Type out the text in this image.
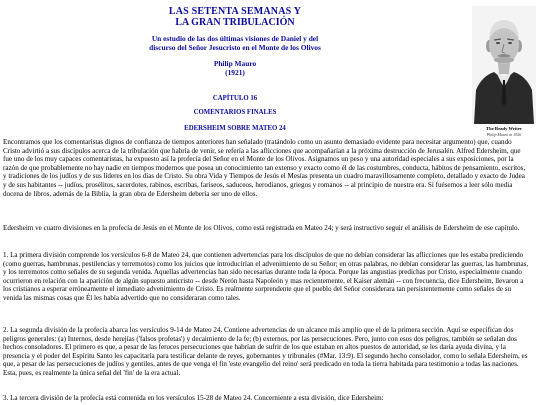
LAS SETENTA SEMANAS Y
LA GRAN TRIBULACIÓN
Un estudio de las dos últimas visiones de Daniel y del
discurso del Señor Jesucristo en el Monte de los Olivos
Philip Mauro
(1921)
CAPÍTULO 16
COMENTARIOS FINALES
EDERSHEIM SOBRE MATEO 24	The Ready Writer
Philip Mauro in 1926
Encontramos que los comentaristas dignos de confianza de tiempos anteriores han señalado (tratándolo como un asunto demasiado evidente para necesitar argumento) que, cuando Cristo advirtió a sus discípulos acerca de la tribulación que habría de venir, se refería a las aflicciones que acompañarían a la próxima destrucción de Jerusalén. Alfred Edersheim, que fue uno de los muy capaces comentaristas, ha expuesto así la profecía del Señor en el Monte de los Olivos. Asignamos un peso y una autoridad especiales a sus exposiciones, por la razón de que probablemente no hay nadie en tiempos modernos que posea un conocimiento tan extenso y exacto como él de las costumbres, conducta, hábitos de pensamiento, escritos, y tradiciones de los judíos y de sus líderes en los días de Cristo. Su obra Vida y Tiempos de Jesús el Mesías presenta un cuadro maravillosamente completo, detallado y exacto de Judea y de sus habitantes -- judíos, prosélitos, sacerdotes, rabinos, escribas, fariseos, saduceos, herodianos, griegos y romanos -- al principio de nuestra era. Si fuésemos a leer sólo media docena de libros, además de la Biblia, la gran obra de Edersheim debería ser uno de ellos.
Edersheim ve cuatro divisiones en la profecía de Jesús en el Monte de los Olivos, como está registrada en Mateo 24; y será instructivo seguir el análisis de Edersheim de ese capítulo.
1. La primera división comprende los versículos 6-8 de Mateo 24, que contienen advertencias para los discípulos de que no debían considerar las aflicciones que les estaba prediciendo (como guerras, hambrunas, pestilencias y terremotos) como los juicios que introducirían el advenimiento de su Señor; en otras palabras, no debían considerar las guerras, las hambrunas, y los terremotos como señales de su segunda venida. Aquellas advertencias han sido necesarias durante toda la época. Porque las angustias predichas por Cristo, especialmente cuando ocurrieron en relación con la aparición de algún supuesto anticristo -- desde Nerón hasta Napoleón y mas recientemente, el Kaiser alemán -- con frecuencia, dice Edersheim, llevaron a los cristianos a esperar erróneamente el inmediato advenimiento de Cristo. Es realmente sorprendente que el pueblo del Señor considerara tan persistentemente como señales de su venida las mismas cosas que Él les había advertido que no consideraran como tales.
2. La segunda división de la profecía abarca los versículos 9-14 de Mateo 24. Contiene advertencias de un alcance más amplio que el de la primera sección. Aquí se especifican dos peligros generales: (a) Internos, desde herejías ('falsos profetas') y decaimiento de la fe; (b) externos, por las persecuciones. Pero, junto con esos dos peligros, también se señalan dos hechos consoladores. El primero es que, a pesar de las feroces persecuciones que habrían de sufrir de los que estaban en altos puestos de autoridad, se les daría ayuda divina, y la presencia y el poder del Espíritu Santo les capacitaría para testificar delante de reyes, gobernantes y tribunales (#Mar. 13:9). El segundo hecho consolador, como lo señala Edersheim, es que, a pesar de las persecuciones de judíos y gentiles, antes de que venga el fin 'este evangelio del reino' será predicado en toda la tierra habitada para testimonio a todas las naciones. Esta, pues, es realmente la única señal del 'fin' de la era actual.
3. La tercera división de la profecía está contenida en los versículos 15-28 de Mateo 24. Concerniente a esta división, dice Edersheim:
